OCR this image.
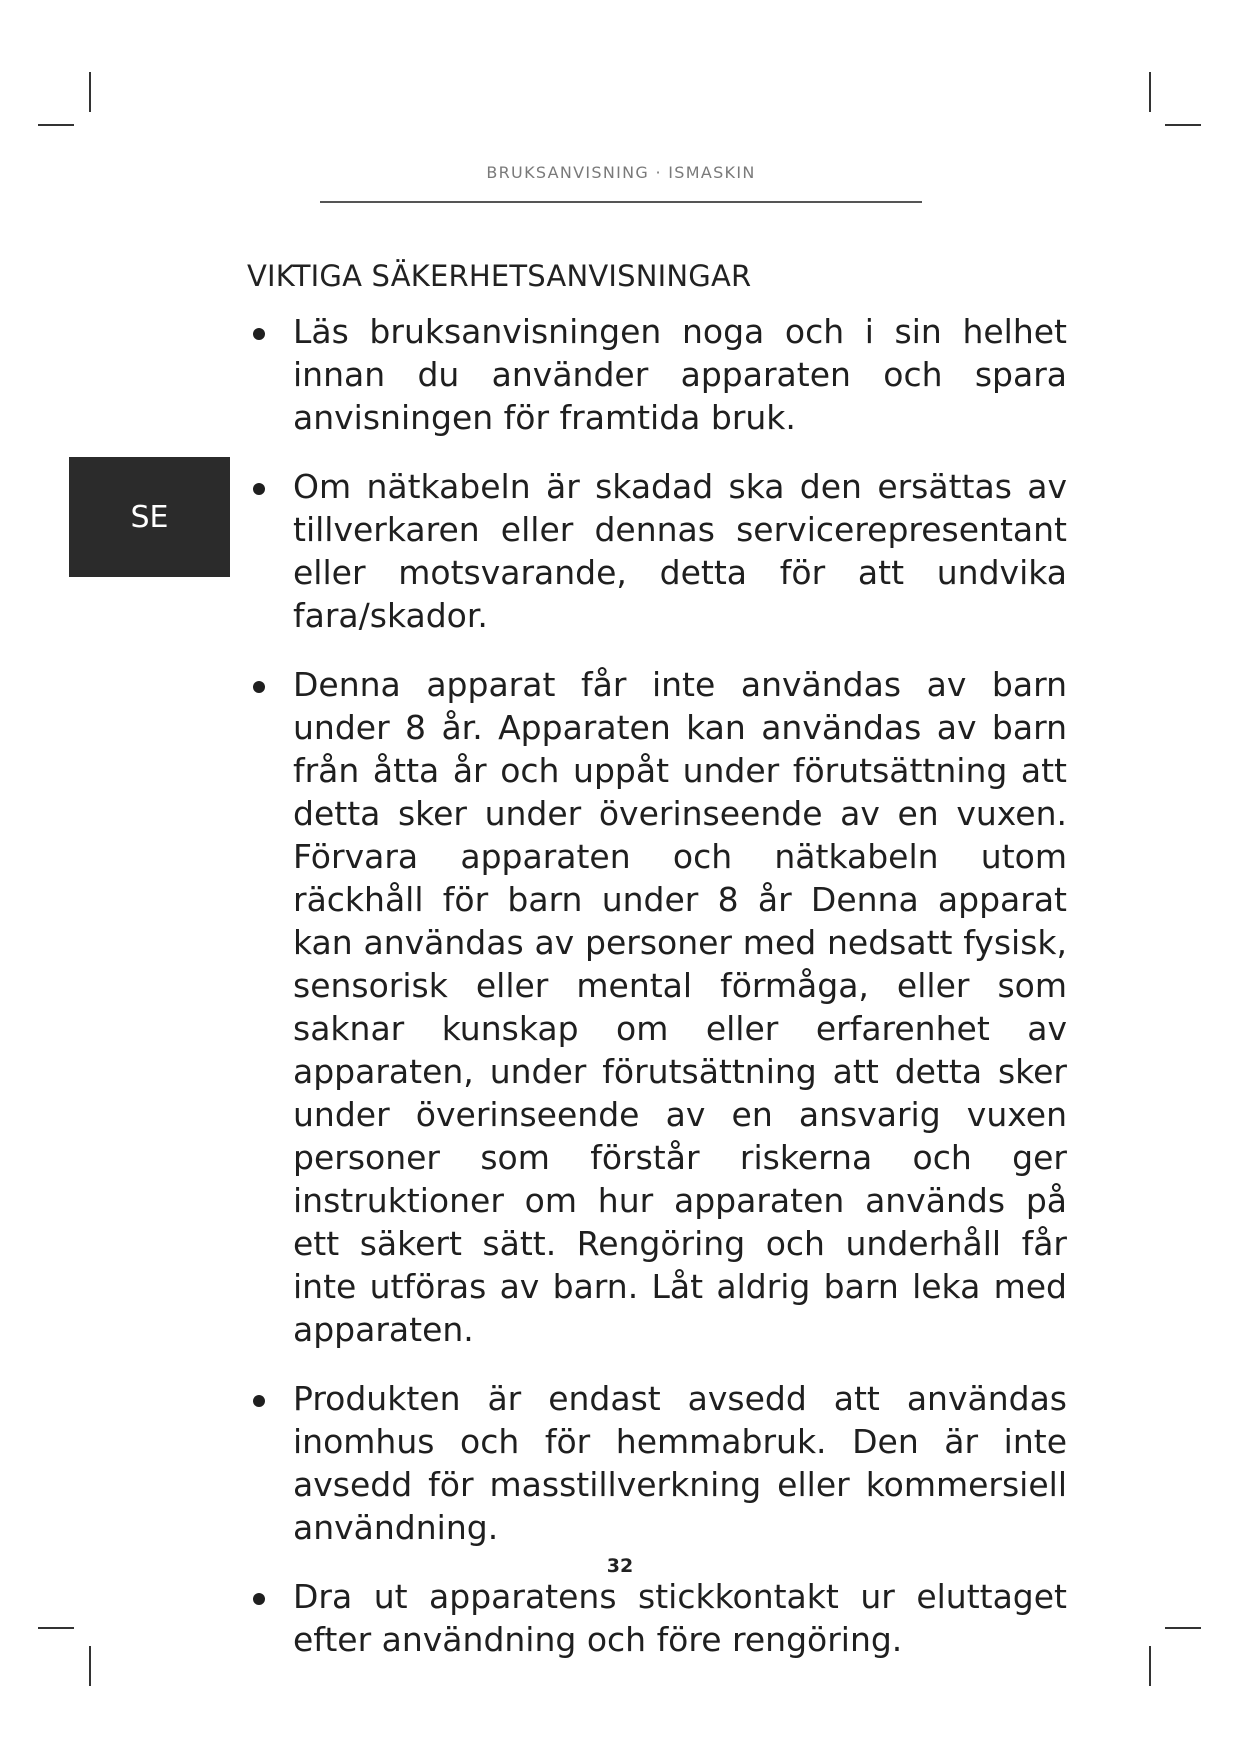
BRUKSANVISNING · ISMASKIN
SE
VIKTIGA SÄKERHETSANVISNINGAR
Läs bruksanvisningen noga och i sin helhet innan du använder apparaten och spara anvisningen för framtida bruk.
Om nätkabeln är skadad ska den ersättas av tillverkaren eller dennas servicerepresentant eller motsvarande, detta för att undvika fara/skador.
Denna apparat får inte användas av barn under 8 år. Apparaten kan användas av barn från åtta år och uppåt under förutsättning att detta sker under överinseende av en vuxen. Förvara apparaten och nätkabeln utom räckhåll för barn under 8 år Denna apparat kan användas av personer med nedsatt fysisk, sensorisk eller mental förmåga, eller som saknar kunskap om eller erfarenhet av apparaten, under förutsättning att detta sker under överinseende av en ansvarig vuxen personer som förstår riskerna och ger instruktioner om hur apparaten används på ett säkert sätt. Rengöring och underhåll får inte utföras av barn. Låt aldrig barn leka med apparaten.
Produkten är endast avsedd att användas inomhus och för hemmabruk. Den är inte avsedd för masstillverkning eller kommersiell användning.
Dra ut apparatens stickkontakt ur eluttaget efter användning och före rengöring.
32
